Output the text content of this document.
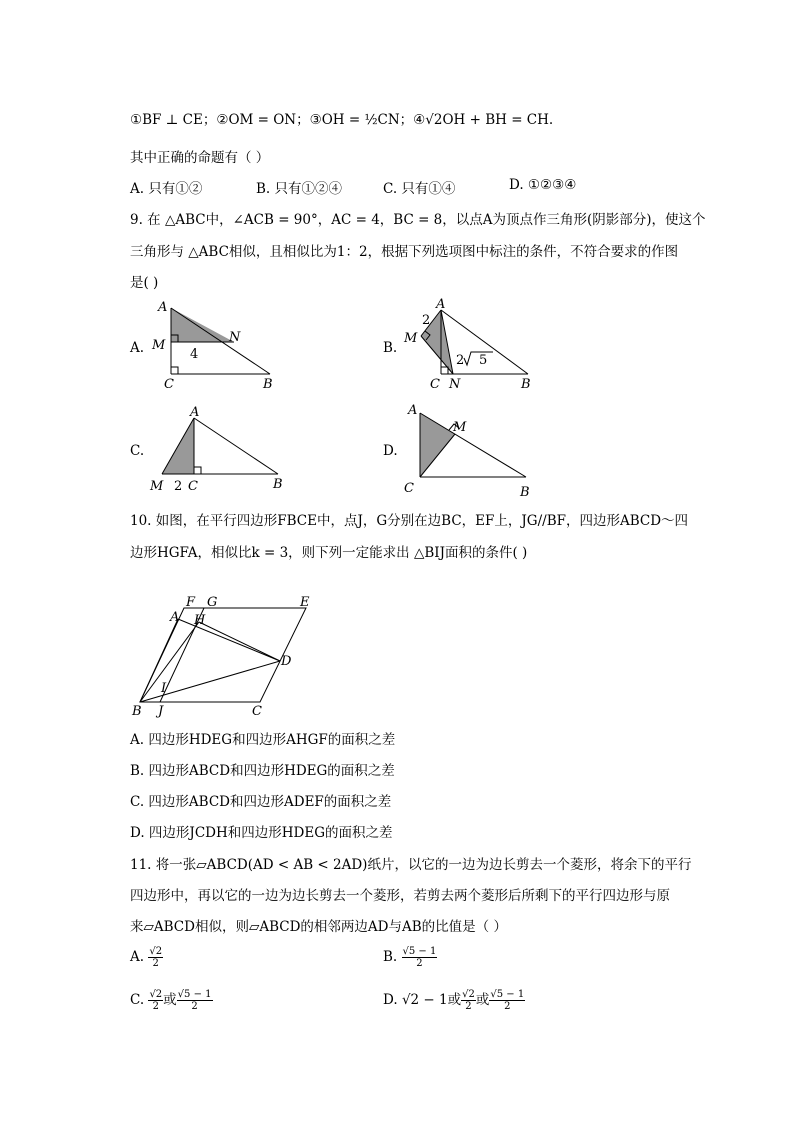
①BF ⊥ CE；②OM = ON；③OH = ½CN；④√2OH + BH = CH.
其中正确的命题有（ ）
A. 只有①②	B. 只有①②④	C. 只有①④	D. ①②③④
9. 在 △ABC中，∠ACB = 90°，AC = 4，BC = 8，以点A为顶点作三角形(阴影部分)，使这个
三角形与 △ABC相似，且相似比为1：2，根据下列选项图中标注的条件，不符合要求的作图
是( )
A.
A
M
N
C	B
4	B.
A
M
N
C	B
2
2 5
C.
A
M C	B
2
D.
A
M
C	B
10. 如图，在平行四边形FBCE中，点J，G分别在边BC，EF上，JG//BF，四边形ABCD～四
边形HGFA，相似比k = 3，则下列一定能求出 △BIJ面积的条件( )
F G	E
A H
D
I
B J	C
A. 四边形HDEG和四边形AHGF的面积之差
B. 四边形ABCD和四边形HDEG的面积之差
C. 四边形ABCD和四边形ADEF的面积之差
D. 四边形JCDH和四边形HDEG的面积之差
11. 将一张▱ABCD(AD < AB < 2AD)纸片，以它的一边为边长剪去一个菱形，将余下的平行
四边形中，再以它的一边为边长剪去一个菱形，若剪去两个菱形后所剩下的平行四边形与原
来▱ABCD相似，则▱ABCD的相邻两边AD与AB的比值是（ ）
A. $\frac{√2}{2}$	B. $\frac{√5 - 1}{2}$
C. $\frac{√2}{2}$ 或 $\frac{√5 - 1}{2}$	D. √2 − 1或 $\frac{√2}{2}$ 或 $\frac{√5 - 1}{2}$
